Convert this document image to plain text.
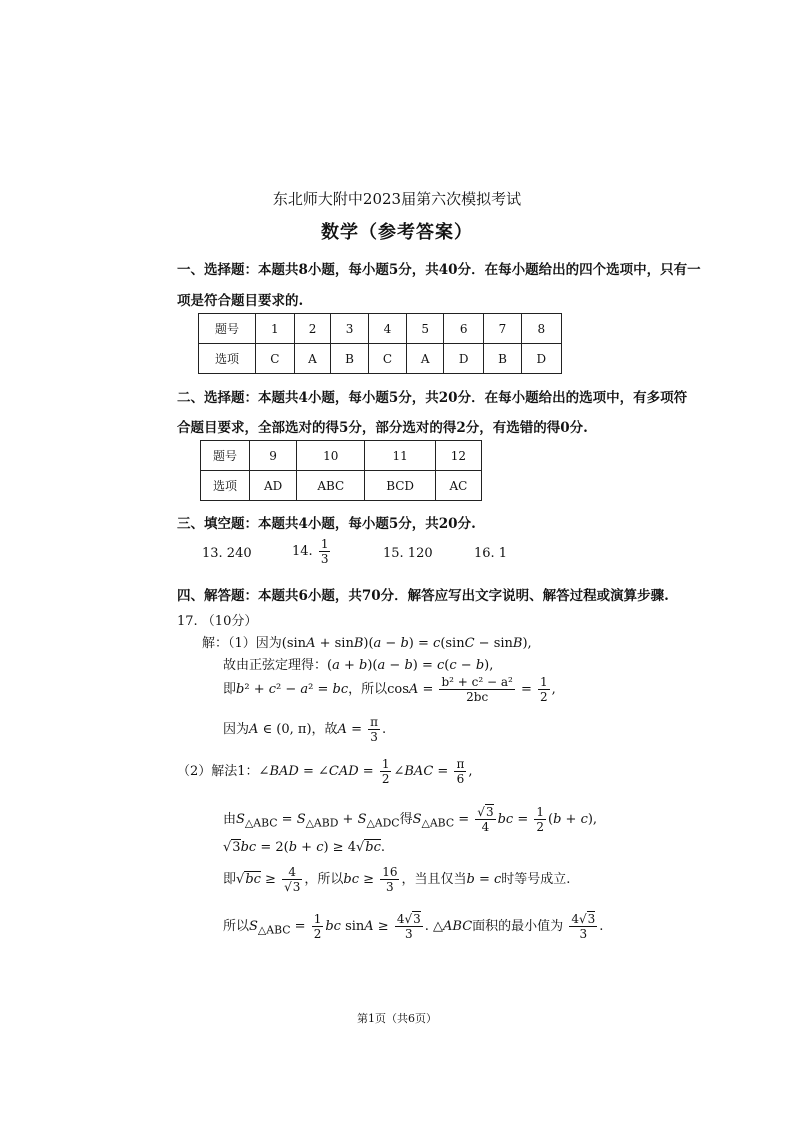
东北师大附中2023届第六次模拟考试
数学（参考答案）
一、选择题：本题共8小题，每小题5分，共40分．在每小题给出的四个选项中，只有一
项是符合题目要求的.
题号	1	2	3	4	5	6	7	8
选项	C	A	B	C	A	D	B	D
二、选择题：本题共4小题，每小题5分，共20分．在每小题给出的选项中，有多项符
合题目要求，全部选对的得5分，部分选对的得2分，有选错的得0分.
题号	9	10	11	12
选项	AD	ABC	BCD	AC
三、填空题：本题共4小题，每小题5分，共20分.
13. 240	14. $\frac{1}{3}$	15. 120	16. 1
四、解答题：本题共6小题，共70分．解答应写出文字说明、解答过程或演算步骤.
17. （10分）
解：（1）因为(sinA + sinB)(a − b) = c(sinC − sinB),
故由正弦定理得：(a + b)(a − b) = c(c − b),
即b² + c² − a² = bc，所以$\cos A = \frac{\text{b² + c² − a²}}{2bc} = \frac{1}{2}$ ,
因为A ∈ (0, π)，故$A = \frac{\pi}{3}$ .
（2）解法1：∠BAD = ∠CAD = $\frac{1}{2}$ ∠BAC = $\frac{\pi}{6}$ ,
由$S_{\triangle ABC} = S_{\triangle ABD} + S_{\triangle ADC}$得$S_{\triangle ABC} = \frac{√3}{4}$ bc = $\frac{1}{2} (b + c)$,
√3bc = 2(b + c) ≥ 4√bc.
即$√bc \ge \frac{4}{√3}$ ，所以bc ≥ $\frac{16}{3}$ ，当且仅当b = c时等号成立.
所以$S_{\triangle ABC} = \frac{1}{2}$ bc $\sin A \ge \frac{4√3}{3}$ . △ABC面积的最小值为 $\frac{4√3}{3}$ .
第1页（共6页）
